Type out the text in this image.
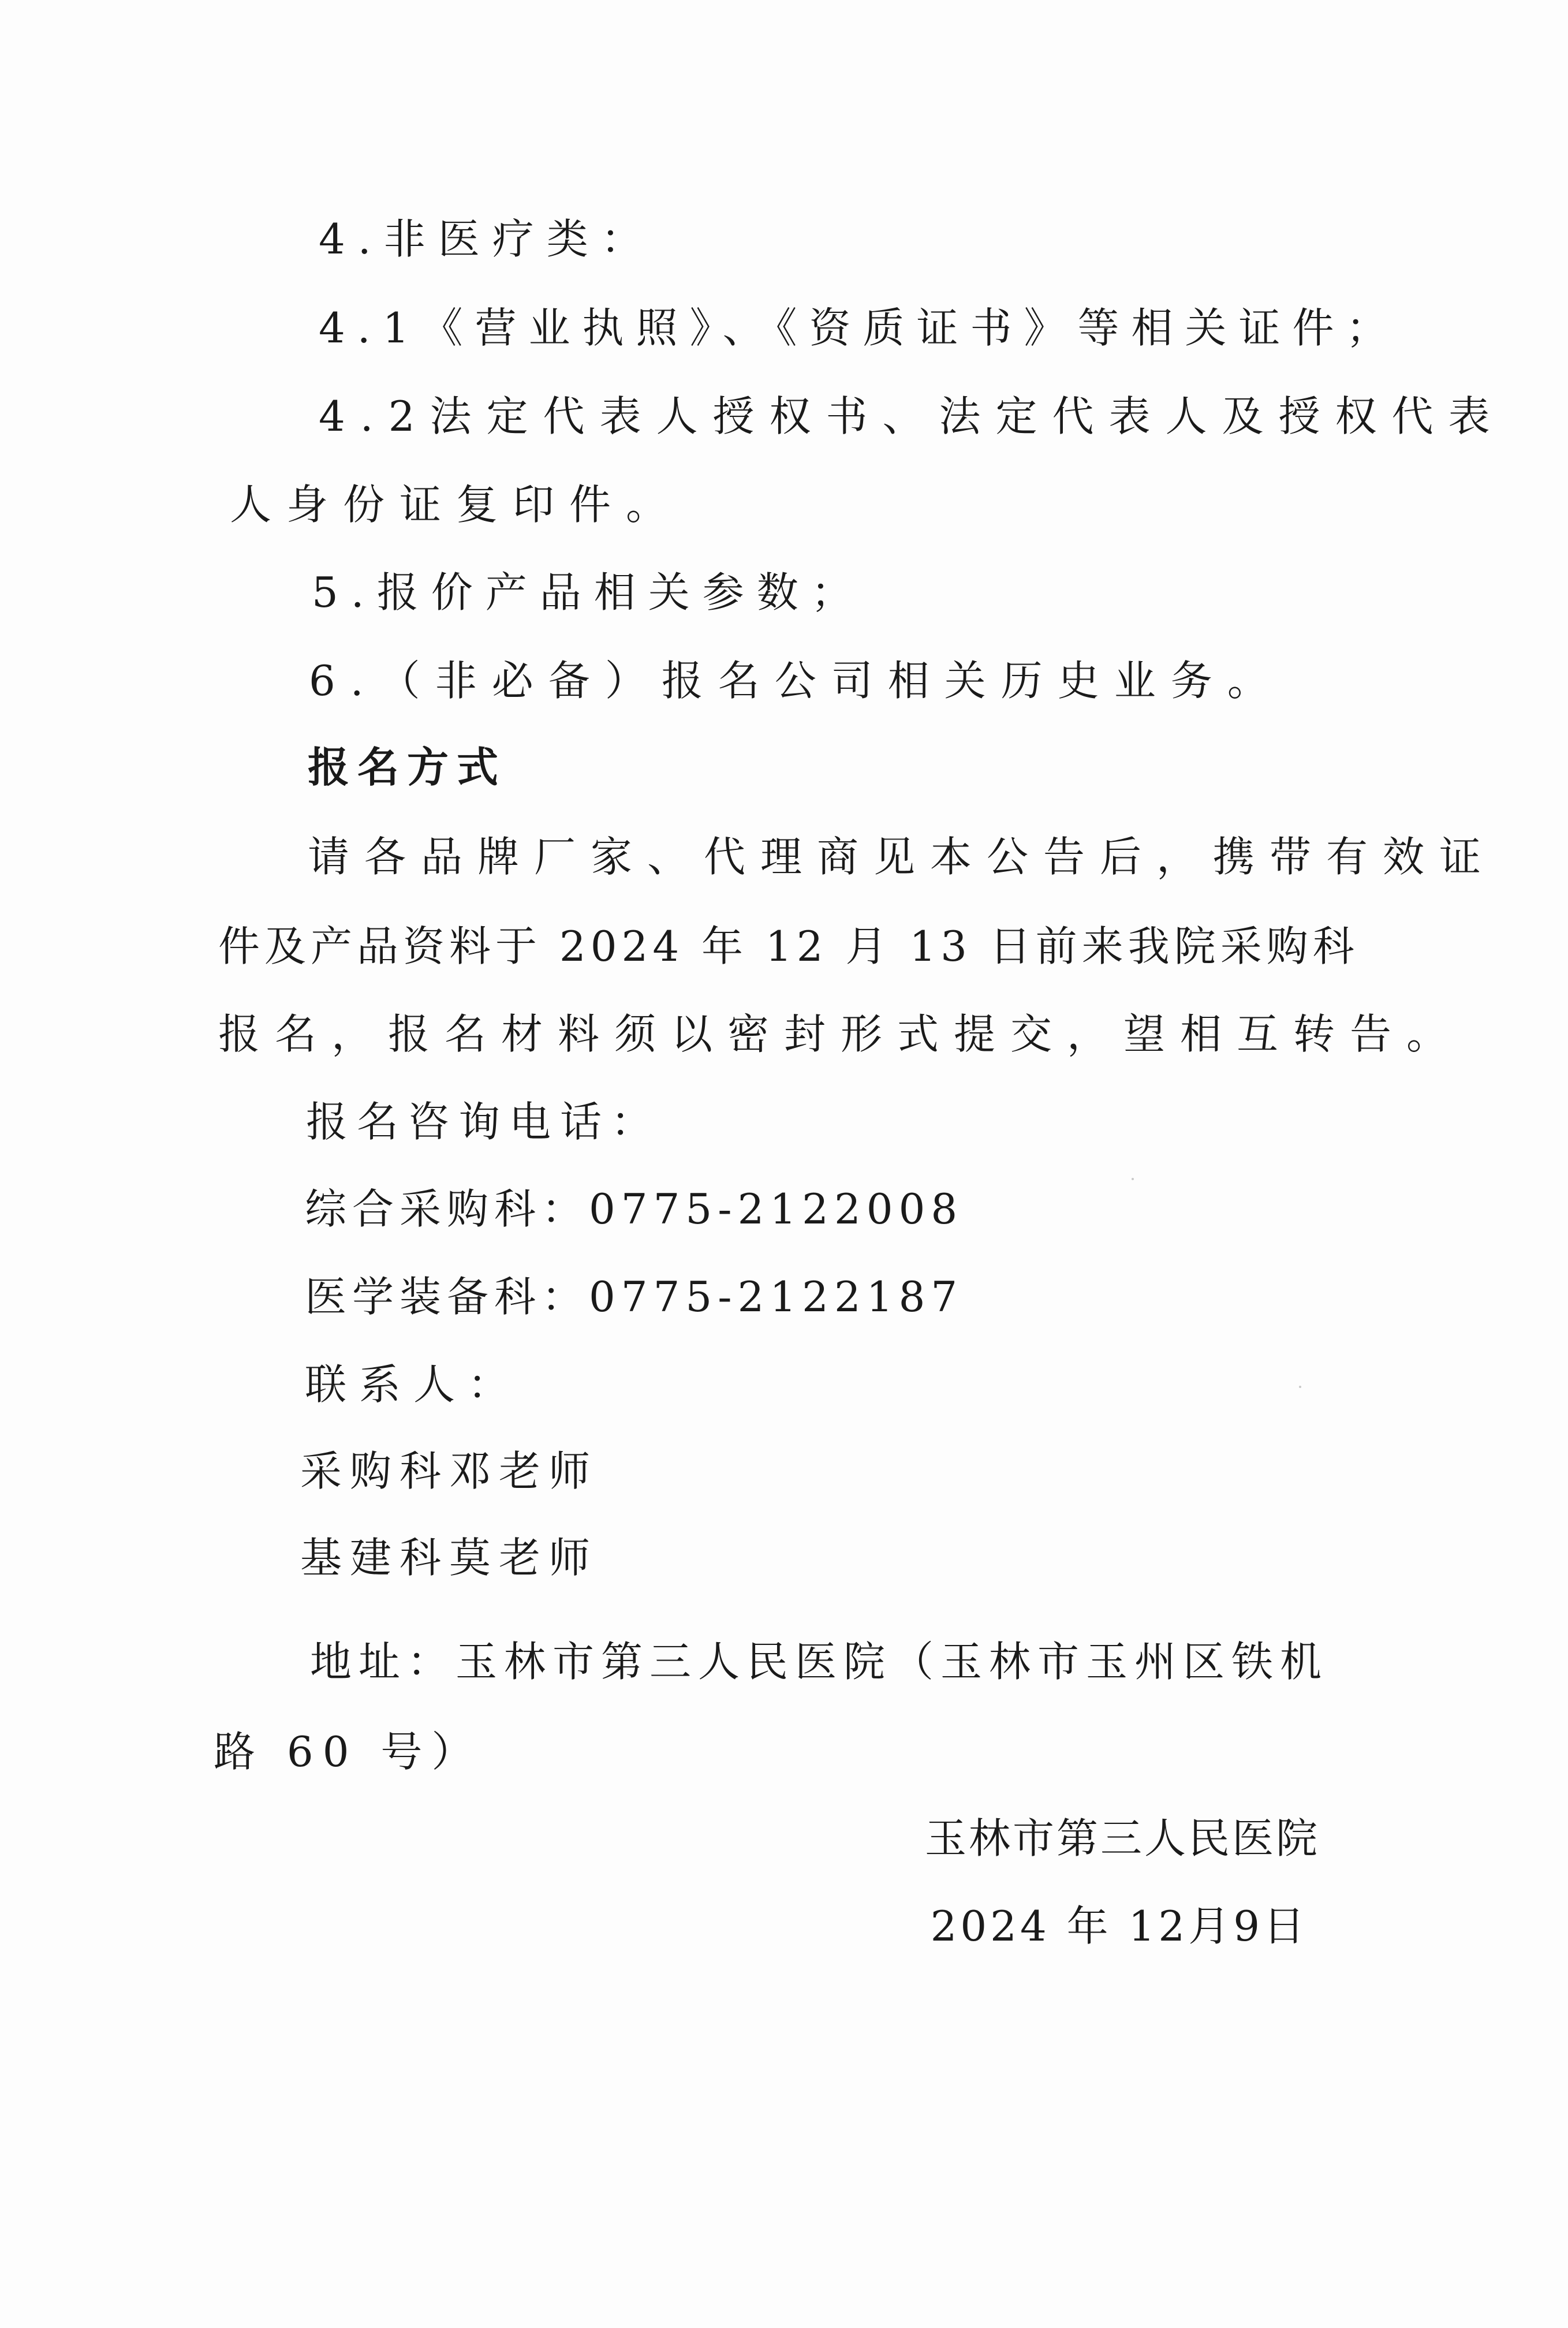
4.非医疗类：
4.1《营业执照》、《资质证书》等相关证件；
4.2法定代表人授权书、法定代表人及授权代表
人身份证复印件。
5.报价产品相关参数；
6.（非必备）报名公司相关历史业务。
报名方式
请各品牌厂家、代理商见本公告后，携带有效证
件及产品资料于 2024 年 12 月 13 日前来我院采购科
报名，报名材料须以密封形式提交，望相互转告。
报名咨询电话：
综合采购科：0775-2122008
医学装备科：0775-2122187
联系人：
采购科邓老师
基建科莫老师
地址：玉林市第三人民医院（玉林市玉州区铁机
路 60 号）
玉林市第三人民医院
2024 年 12月9日
